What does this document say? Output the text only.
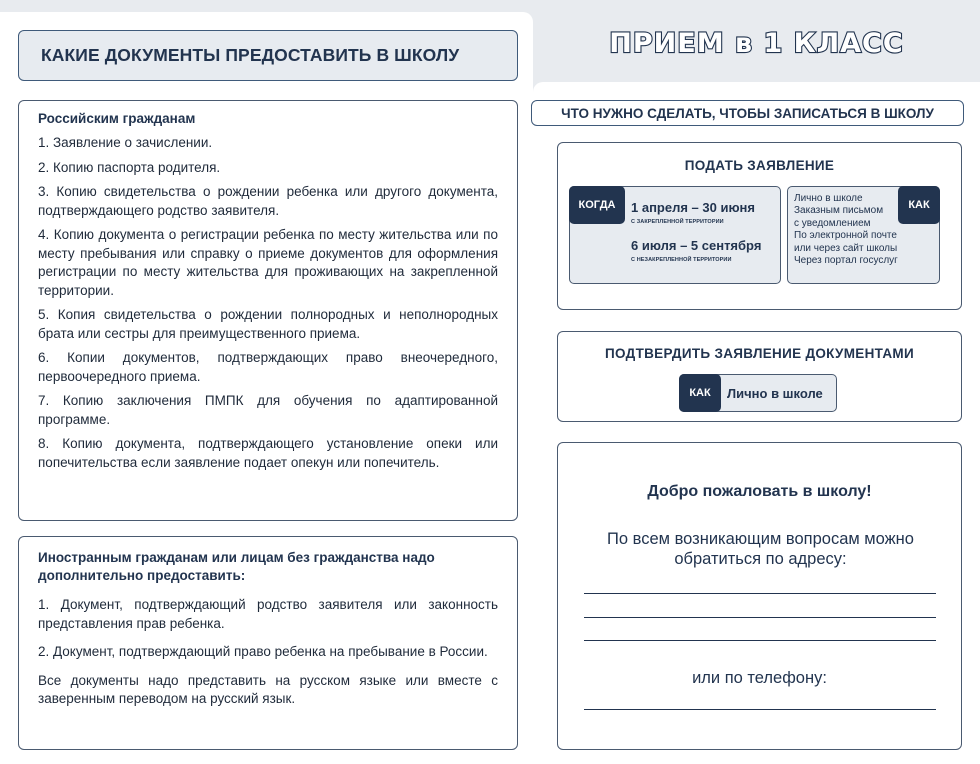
КАКИЕ ДОКУМЕНТЫ ПРЕДОСТАВИТЬ В ШКОЛУ
Российским гражданам
1. Заявление о зачислении.
2. Копию паспорта родителя.
3. Копию свидетельства о рождении ребенка или другого документа, подтверждающего родство заявителя.
4. Копию документа о регистрации ребенка по месту жительства или по месту пребывания или справку о приеме документов для оформления регистрации по месту жительства для проживающих на закрепленной территории.
5. Копия свидетельства о рождении полнородных и неполнородных брата или сестры для преимущественного приема.
6. Копии документов, подтверждающих право внеочередного, первоочередного приема.
7. Копию заключения ПМПК для обучения по адаптированной программе.
8. Копию документа, подтверждающего установление опеки или попечительства если заявление подает опекун или попечитель.
Иностранным гражданам или лицам без гражданства надо дополнительно предоставить:
1. Документ, подтверждающий родство заявителя или законность представления прав ребенка.
2. Документ, подтверждающий право ребенка на пребывание в России.
Все документы надо представить на русском языке или вместе с заверенным переводом на русский язык.
ПРИЕМ в 1 КЛАСС
ЧТО НУЖНО СДЕЛАТЬ, ЧТОБЫ ЗАПИСАТЬСЯ В ШКОЛУ
ПОДАТЬ ЗАЯВЛЕНИЕ
КОГДА	1 апреля – 30 июня
С ЗАКРЕПЛЕННОЙ ТЕРРИТОРИИ
6 июля – 5 сентября
С НЕЗАКРЕПЛЕННОЙ ТЕРРИТОРИИ
Лично в школе
Заказным письмом
с уведомлением
По электронной почте
или через сайт школы
Через портал госуслуг
КАК
ПОДТВЕРДИТЬ ЗАЯВЛЕНИЕ ДОКУМЕНТАМИ
КАК	Лично в школе
Добро пожаловать в школу!
По всем возникающим вопросам можно обратиться по адресу:
или по телефону:
